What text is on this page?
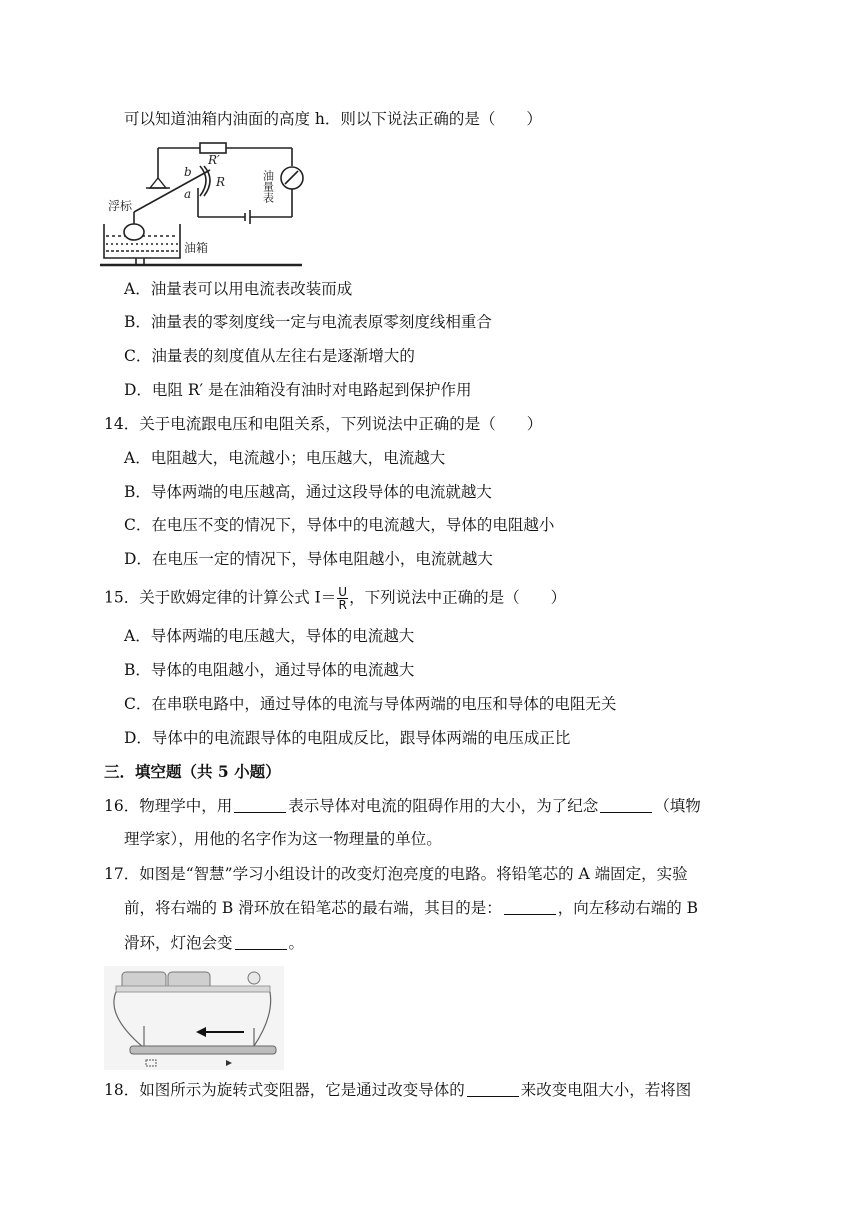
可以知道油箱内油面的高度 h．则以下说法正确的是（　　）
R′
b
a
R
浮标
油箱
油量表
A．油量表可以用电流表改装而成
B．油量表的零刻度线一定与电流表原零刻度线相重合
C．油量表的刻度值从左往右是逐渐增大的
D．电阻 R′ 是在油箱没有油时对电路起到保护作用
14．关于电流跟电压和电阻关系，下列说法中正确的是（　　）
A．电阻越大，电流越小；电压越大，电流越大
B．导体两端的电压越高，通过这段导体的电流就越大
C．在电压不变的情况下，导体中的电流越大，导体的电阻越小
D．在电压一定的情况下，导体电阻越小，电流就越大
15．关于欧姆定律的计算公式 $I= \frac{U}{R}$ ，下列说法中正确的是（　　）
A．导体两端的电压越大，导体的电流越大
B．导体的电阻越小，通过导体的电流越大
C．在串联电路中，通过导体的电流与导体两端的电压和导体的电阻无关
D．导体中的电流跟导体的电阻成反比，跟导体两端的电压成正比
三．填空题（共 5 小题）
16．物理学中，用	表示导体对电流的阻碍作用的大小，为了纪念	（填物
理学家），用他的名字作为这一物理量的单位。
17．如图是“智慧”学习小组设计的改变灯泡亮度的电路。将铅笔芯的 A 端固定，实验
前，将右端的 B 滑环放在铅笔芯的最右端，其目的是：	，向左移动右端的 B
滑环，灯泡会变	。
18．如图所示为旋转式变阻器，它是通过改变导体的	来改变电阻大小，若将图
